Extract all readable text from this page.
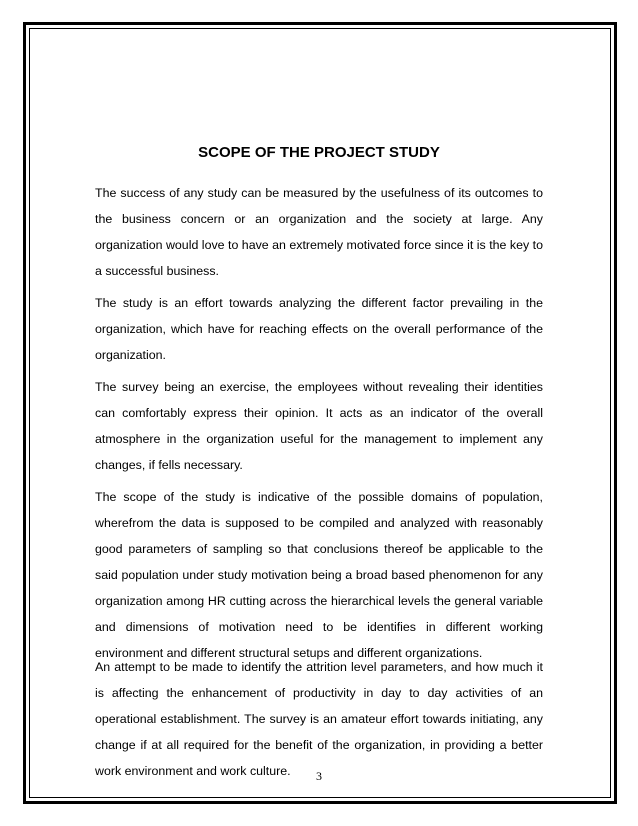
SCOPE OF THE PROJECT STUDY

The success of any study can be measured by the usefulness of its outcomes to the business concern or an organization and the society at large. Any organization would love to have an extremely motivated force since it is the key to a successful business.

The study is an effort towards analyzing the different factor prevailing in the organization, which have for reaching effects on the overall performance of the organization.

The survey being an exercise, the employees without revealing their identities can comfortably express their opinion. It acts as an indicator of the overall atmosphere in the organization useful for the management to implement any changes, if fells necessary.

The scope of the study is indicative of the possible domains of population, wherefrom the data is supposed to be compiled and analyzed with reasonably good parameters of sampling so that conclusions thereof be applicable to the said population under study motivation being a broad based phenomenon for any organization among HR cutting across the hierarchical levels the general variable and dimensions of motivation need to be identifies in different working environment and different structural setups and different organizations.

An attempt to be made to identify the attrition level parameters, and how much it is affecting the enhancement of productivity in day to day activities of an operational establishment. The survey is an amateur effort towards initiating, any change if at all required for the benefit of the organization, in providing a better work environment and work culture.	3
